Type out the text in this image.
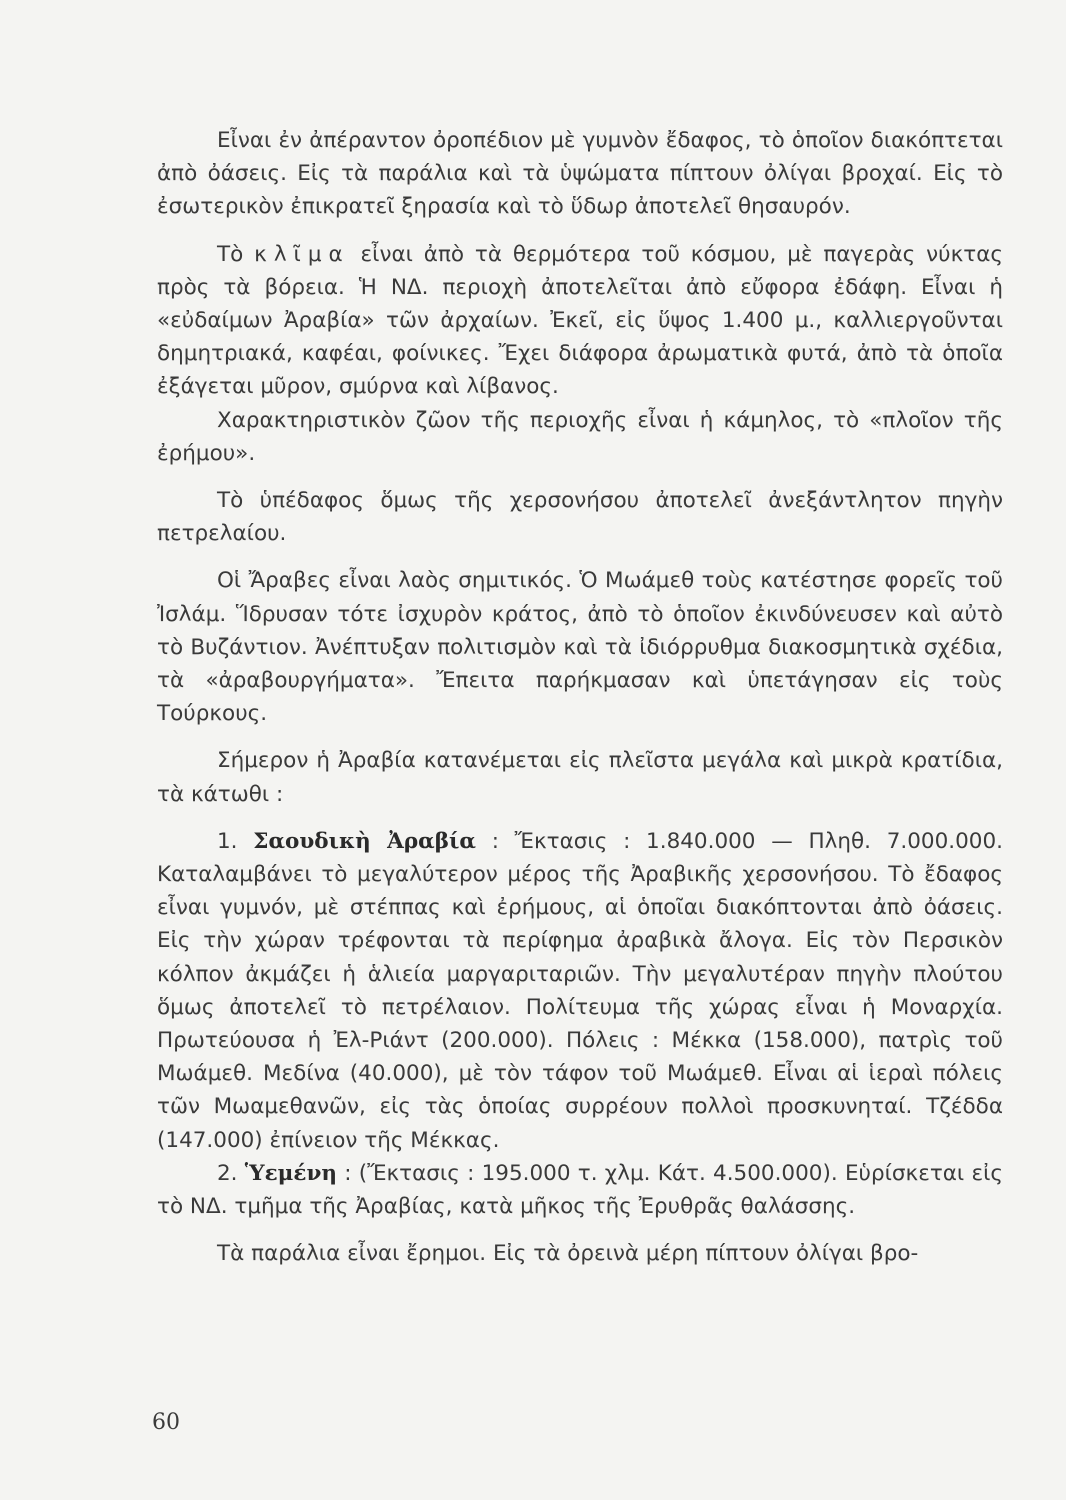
Εἶναι ἐν ἀπέραντον ὀροπέδιον μὲ γυμνὸν ἔδαφος, τὸ ὁποῖον διακόπτεται ἀπὸ ὀάσεις. Εἰς τὰ παράλια καὶ τὰ ὑψώματα πίπτουν ὀλίγαι βροχαί. Εἰς τὸ ἐσωτερικὸν ἐπικρατεῖ ξηρασία καὶ τὸ ὕδωρ ἀποτελεῖ θησαυρόν.

Τὸ κλῖμα εἶναι ἀπὸ τὰ θερμότερα τοῦ κόσμου, μὲ παγερὰς νύκτας πρὸς τὰ βόρεια. Ἡ ΝΔ. περιοχὴ ἀποτελεῖται ἀπὸ εὔφορα ἐδάφη. Εἶναι ἡ «εὐδαίμων Ἀραβία» τῶν ἀρχαίων. Ἐκεῖ, εἰς ὕψος 1.400 μ., καλλιεργοῦνται δημητριακά, καφέαι, φοίνικες. Ἔχει διάφορα ἀρωματικὰ φυτά, ἀπὸ τὰ ὁποῖα ἐξάγεται μῦρον, σμύρνα καὶ λίβανος.

Χαρακτηριστικὸν ζῶον τῆς περιοχῆς εἶναι ἡ κάμηλος, τὸ «πλοῖον τῆς ἐρήμου».

Τὸ ὑπέδαφος ὅμως τῆς χερσονήσου ἀποτελεῖ ἀνεξάντλητον πηγὴν πετρελαίου.

Οἱ Ἄραβες εἶναι λαὸς σημιτικός. Ὁ Μωάμεθ τοὺς κατέστησε φορεῖς τοῦ Ἰσλάμ. Ἵδρυσαν τότε ἰσχυρὸν κράτος, ἀπὸ τὸ ὁποῖον ἐκινδύνευσεν καὶ αὐτὸ τὸ Βυζάντιον. Ἀνέπτυξαν πολιτισμὸν καὶ τὰ ἰδιόρρυθμα διακοσμητικὰ σχέδια, τὰ «ἀραβουργήματα». Ἔπειτα παρήκμασαν καὶ ὑπετάγησαν εἰς τοὺς Τούρκους.

Σήμερον ἡ Ἀραβία κατανέμεται εἰς πλεῖστα μεγάλα καὶ μικρὰ κρατίδια, τὰ κάτωθι :

1. Σαουδικὴ Ἀραβία : Ἔκτασις : 1.840.000 — Πληθ. 7.000.000. Καταλαμβάνει τὸ μεγαλύτερον μέρος τῆς Ἀραβικῆς χερσονήσου. Τὸ ἔδαφος εἶναι γυμνόν, μὲ στέππας καὶ ἐρήμους, αἱ ὁποῖαι διακόπτονται ἀπὸ ὀάσεις. Εἰς τὴν χώραν τρέφονται τὰ περίφημα ἀραβικὰ ἄλογα. Εἰς τὸν Περσικὸν κόλπον ἀκμάζει ἡ ἁλιεία μαργαριταριῶν. Τὴν μεγαλυτέραν πηγὴν πλούτου ὅμως ἀποτελεῖ τὸ πετρέλαιον. Πολίτευμα τῆς χώρας εἶναι ἡ Μοναρχία. Πρωτεύουσα ἡ Ἐλ-Ριάντ (200.000). Πόλεις : Μέκκα (158.000), πατρὶς τοῦ Μωάμεθ. Μεδίνα (40.000), μὲ τὸν τάφον τοῦ Μωάμεθ. Εἶναι αἱ ἱεραὶ πόλεις τῶν Μωαμεθανῶν, εἰς τὰς ὁποίας συρρέουν πολλοὶ προσκυνηταί. Τζέδδα (147.000) ἐπίνειον τῆς Μέκκας.

2. Ὑεμένη : (Ἔκτασις : 195.000 τ. χλμ. Κάτ. 4.500.000). Εὑρίσκεται εἰς τὸ ΝΔ. τμῆμα τῆς Ἀραβίας, κατὰ μῆκος τῆς Ἐρυθρᾶς θαλάσσης.

Τὰ παράλια εἶναι ἔρημοι. Εἰς τὰ ὀρεινὰ μέρη πίπτουν ὀλίγαι βρο-

60
